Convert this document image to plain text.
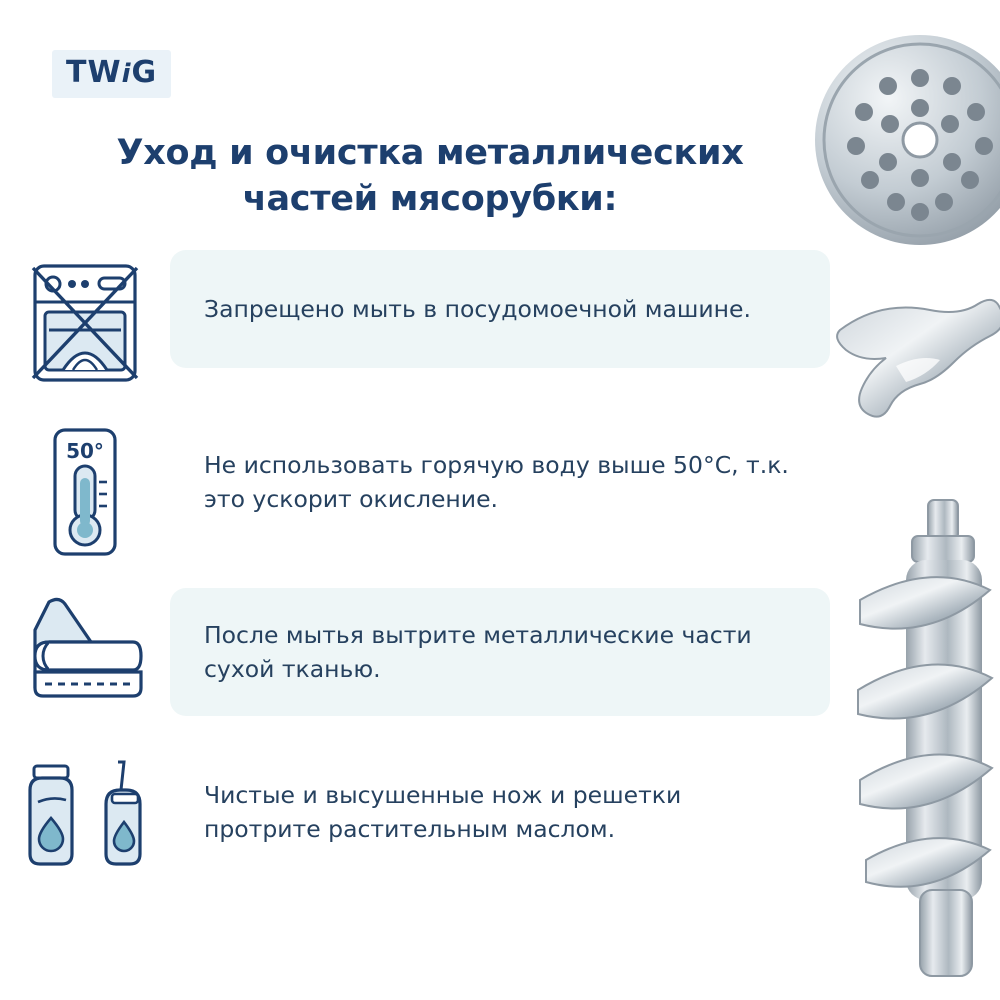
TWiG
Уход и очистка металлических частей мясорубки:
Запрещено мыть в посудомоечной машине.
50°	Не использовать горячую воду выше 50°C, т.к. это ускорит окисление.
После мытья вытрите металлические части сухой тканью.
Чистые и высушенные нож и решетки протрите растительным маслом.
